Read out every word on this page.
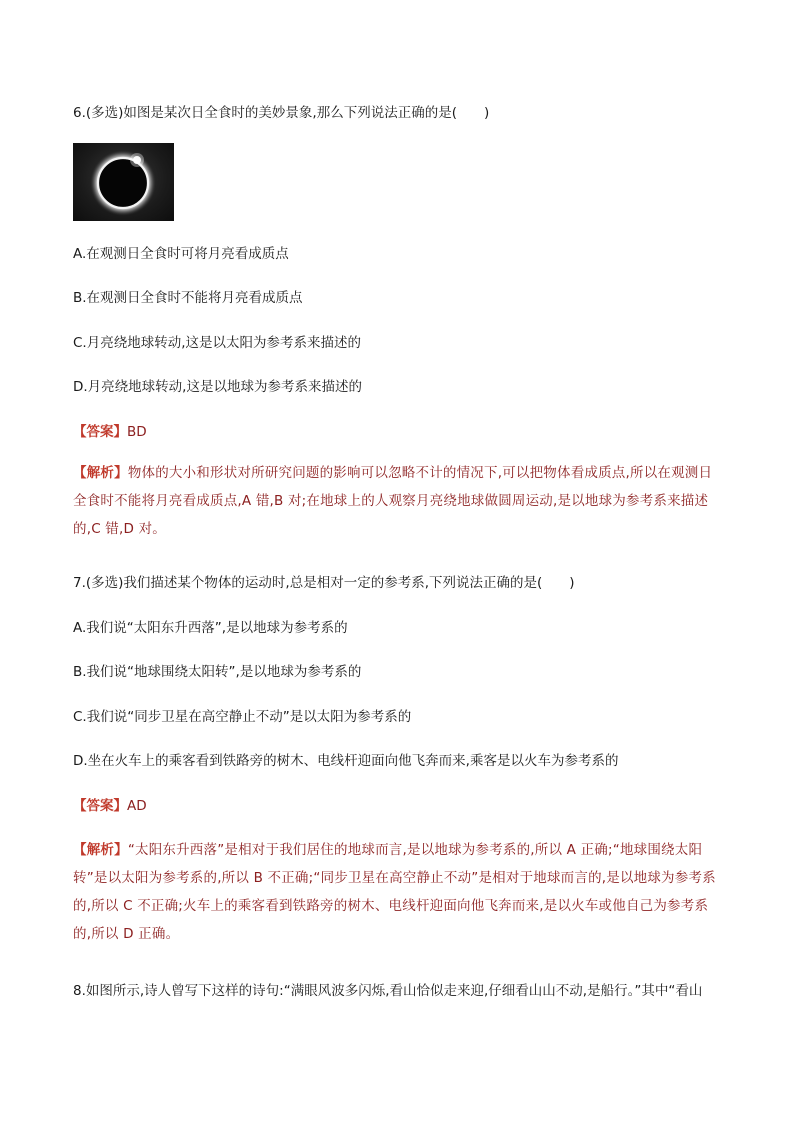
6.(多选)如图是某次日全食时的美妙景象,那么下列说法正确的是(　　)
A.在观测日全食时可将月亮看成质点
B.在观测日全食时不能将月亮看成质点
C.月亮绕地球转动,这是以太阳为参考系来描述的
D.月亮绕地球转动,这是以地球为参考系来描述的
【答案】BD
【解析】物体的大小和形状对所研究问题的影响可以忽略不计的情况下,可以把物体看成质点,所以在观测日全食时不能将月亮看成质点,A 错,B 对;在地球上的人观察月亮绕地球做圆周运动,是以地球为参考系来描述的,C 错,D 对。
7.(多选)我们描述某个物体的运动时,总是相对一定的参考系,下列说法正确的是(　　)
A.我们说“太阳东升西落”,是以地球为参考系的
B.我们说“地球围绕太阳转”,是以地球为参考系的
C.我们说“同步卫星在高空静止不动”是以太阳为参考系的
D.坐在火车上的乘客看到铁路旁的树木、电线杆迎面向他飞奔而来,乘客是以火车为参考系的
【答案】AD
【解析】“太阳东升西落”是相对于我们居住的地球而言,是以地球为参考系的,所以 A 正确;“地球围绕太阳转”是以太阳为参考系的,所以 B 不正确;“同步卫星在高空静止不动”是相对于地球而言的,是以地球为参考系的,所以 C 不正确;火车上的乘客看到铁路旁的树木、电线杆迎面向他飞奔而来,是以火车或他自己为参考系的,所以 D 正确。
8.如图所示,诗人曾写下这样的诗句:“满眼风波多闪烁,看山恰似走来迎,仔细看山山不动,是船行。”其中“看山
